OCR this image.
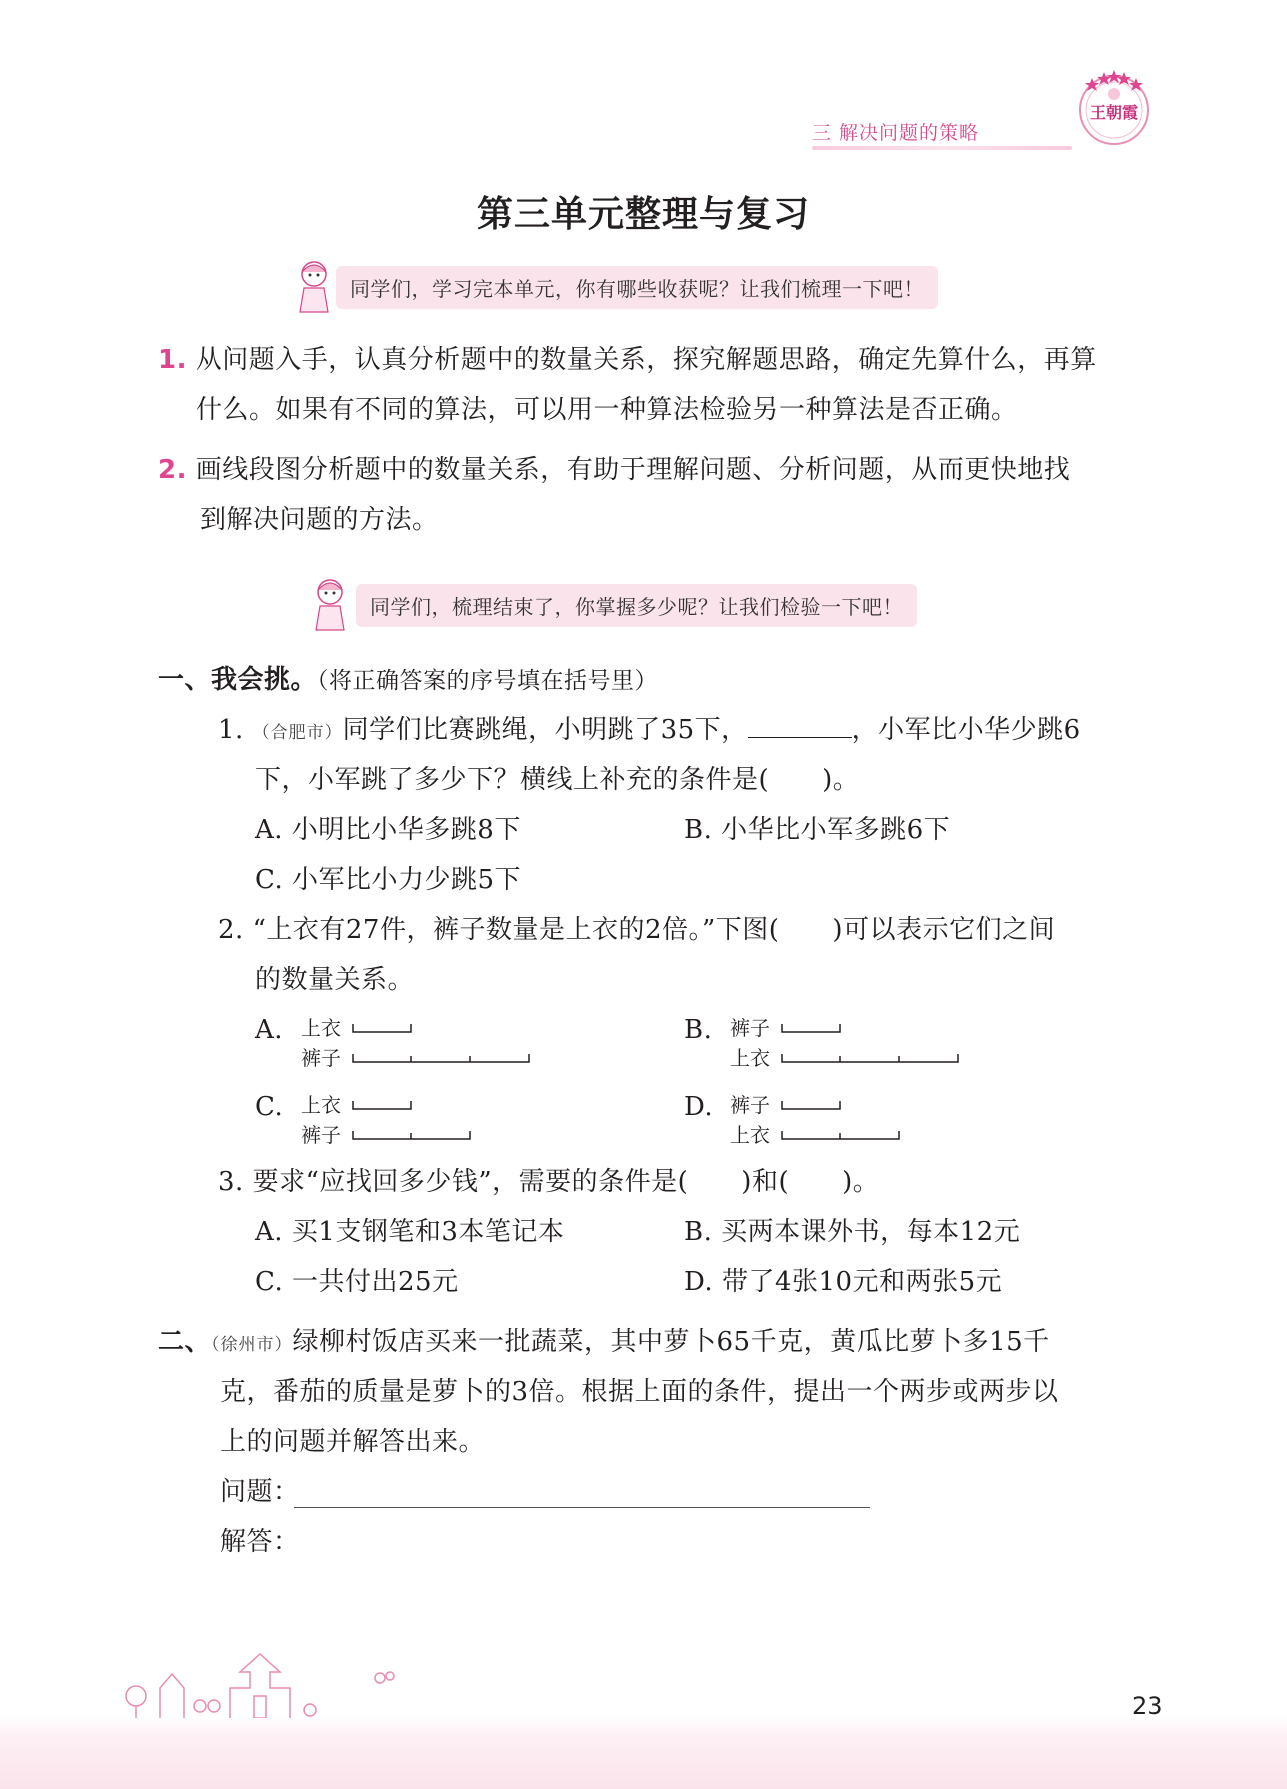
王朝霞
三 解决问题的策略
第三单元整理与复习
同学们，学习完本单元，你有哪些收获呢？让我们梳理一下吧！
1. 从问题入手，认真分析题中的数量关系，探究解题思路，确定先算什么，再算
什么。如果有不同的算法，可以用一种算法检验另一种算法是否正确。
2. 画线段图分析题中的数量关系，有助于理解问题、分析问题，从而更快地找
到解决问题的方法。
同学们，梳理结束了，你掌握多少呢？让我们检验一下吧！
一、我会挑。（将正确答案的序号填在括号里）
1. （合肥市）同学们比赛跳绳，小明跳了35下，	，小军比小华少跳6
下，小军跳了多少下？横线上补充的条件是(　　)。
A. 小明比小华多跳8下	B. 小华比小军多跳6下
C. 小军比小力少跳5下
2. “上衣有27件，裤子数量是上衣的2倍。”下图(　　)可以表示它们之间
的数量关系。
A. 上衣
裤子
B. 裤子
上衣
C. 上衣
裤子
D. 裤子
上衣
3. 要求“应找回多少钱”，需要的条件是(　　)和(　　)。
A. 买1支钢笔和3本笔记本	B. 买两本课外书，每本12元
C. 一共付出25元	D. 带了4张10元和两张5元
二、（徐州市）绿柳村饭店买来一批蔬菜，其中萝卜65千克，黄瓜比萝卜多15千
克，番茄的质量是萝卜的3倍。根据上面的条件，提出一个两步或两步以
上的问题并解答出来。
问题：
解答：
23
